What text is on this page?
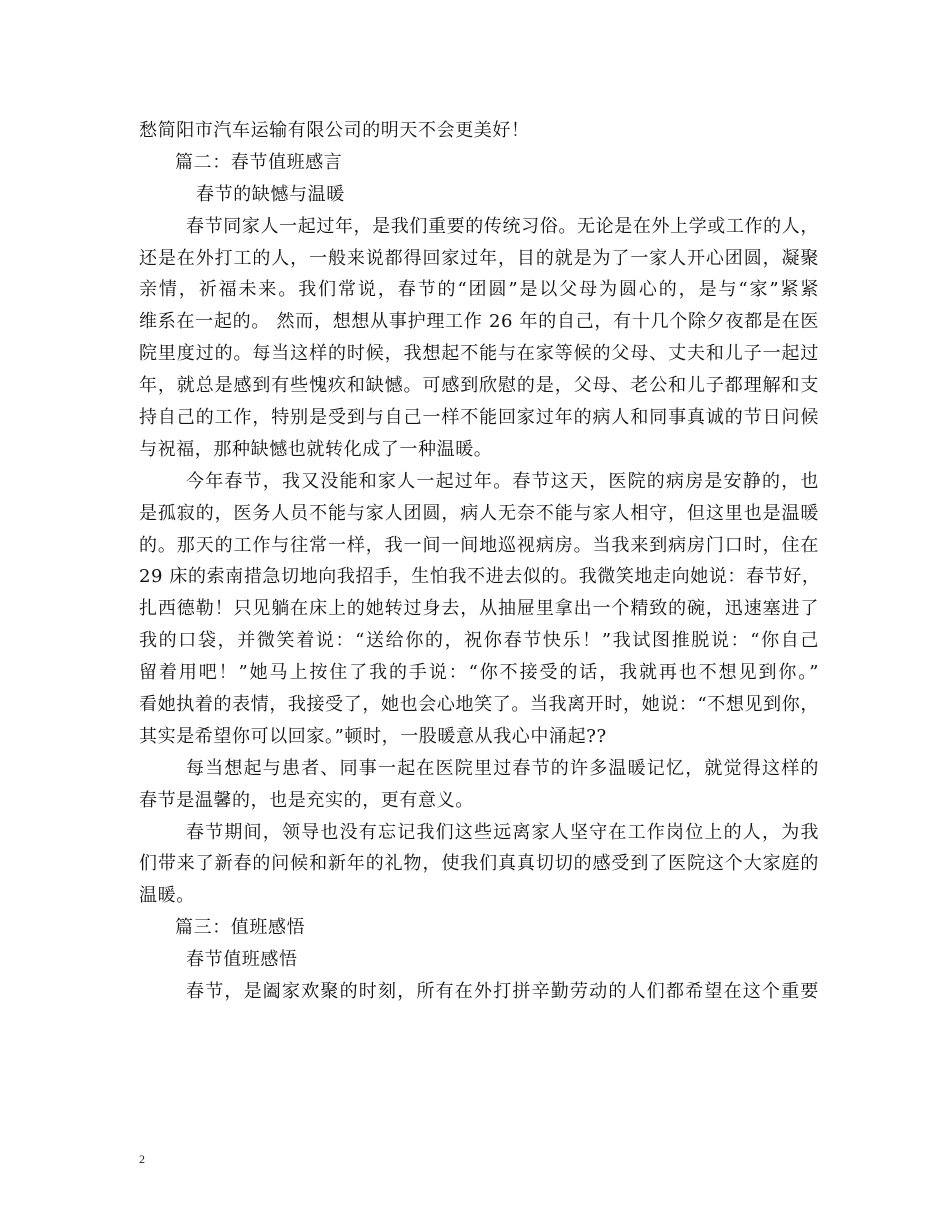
愁简阳市汽车运输有限公司的明天不会更美好！
篇二：春节值班感言
春节的缺憾与温暖
春节同家人一起过年，是我们重要的传统习俗。无论是在外上学或工作的人，
还是在外打工的人，一般来说都得回家过年，目的就是为了一家人开心团圆，凝聚
亲情，祈福未来。我们常说，春节的“团圆”是以父母为圆心的，是与“家”紧紧
维系在一起的。 然而，想想从事护理工作 26 年的自己，有十几个除夕夜都是在医
院里度过的。每当这样的时候，我想起不能与在家等候的父母、丈夫和儿子一起过
年，就总是感到有些愧疚和缺憾。可感到欣慰的是，父母、老公和儿子都理解和支
持自己的工作，特别是受到与自己一样不能回家过年的病人和同事真诚的节日问候
与祝福，那种缺憾也就转化成了一种温暖。
今年春节，我又没能和家人一起过年。春节这天，医院的病房是安静的，也
是孤寂的，医务人员不能与家人团圆，病人无奈不能与家人相守，但这里也是温暖
的。那天的工作与往常一样，我一间一间地巡视病房。当我来到病房门口时，住在
29 床的索南措急切地向我招手，生怕我不进去似的。我微笑地走向她说：春节好，
扎西德勒！只见躺在床上的她转过身去，从抽屉里拿出一个精致的碗，迅速塞进了
我的口袋，并微笑着说：“送给你的，祝你春节快乐！”我试图推脱说：“你自己
留着用吧！”她马上按住了我的手说：“你不接受的话，我就再也不想见到你。”
看她执着的表情，我接受了，她也会心地笑了。当我离开时，她说：“不想见到你，
其实是希望你可以回家。”顿时，一股暖意从我心中涌起??
每当想起与患者、同事一起在医院里过春节的许多温暖记忆，就觉得这样的
春节是温馨的，也是充实的，更有意义。
春节期间，领导也没有忘记我们这些远离家人坚守在工作岗位上的人，为我
们带来了新春的问候和新年的礼物，使我们真真切切的感受到了医院这个大家庭的
温暖。
篇三：值班感悟
春节值班感悟
春节，是阖家欢聚的时刻，所有在外打拼辛勤劳动的人们都希望在这个重要
2
